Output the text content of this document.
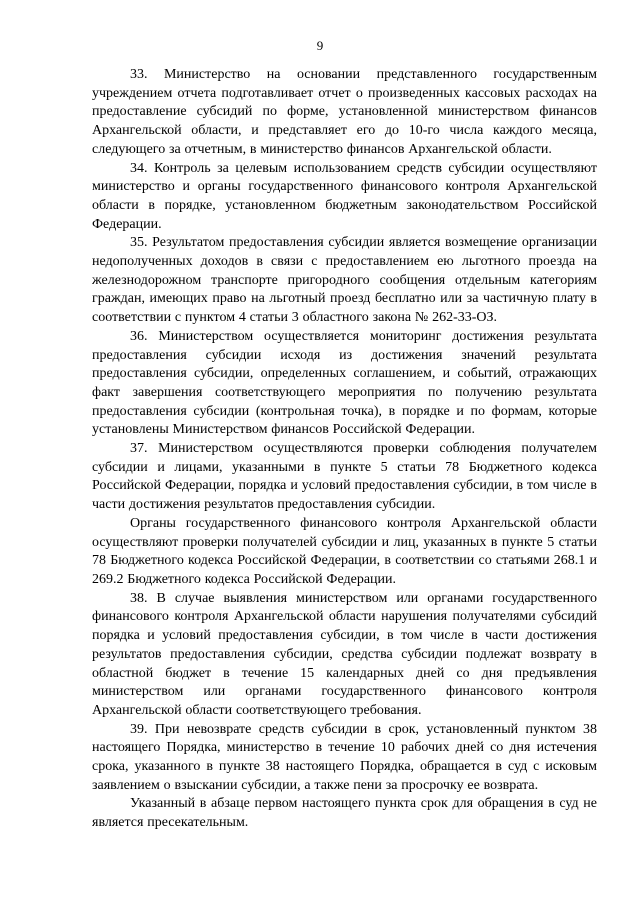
9

33. Министерство на основании представленного государственным учреждением отчета подготавливает отчет о произведенных кассовых расходах на предоставление субсидий по форме, установленной министерством финансов Архангельской области, и представляет его до 10-го числа каждого месяца, следующего за отчетным, в министерство финансов Архангельской области.

34. Контроль за целевым использованием средств субсидии осуществляют министерство и органы государственного финансового контроля Архангельской области в порядке, установленном бюджетным законодательством Российской Федерации.

35. Результатом предоставления субсидии является возмещение организации недополученных доходов в связи с предоставлением ею льготного проезда на железнодорожном транспорте пригородного сообщения отдельным категориям граждан, имеющих право на льготный проезд бесплатно или за частичную плату в соответствии с пунктом 4 статьи 3 областного закона № 262-33-ОЗ.

36. Министерством осуществляется мониторинг достижения результата предоставления субсидии исходя из достижения значений результата предоставления субсидии, определенных соглашением, и событий, отражающих факт завершения соответствующего мероприятия по получению результата предоставления субсидии (контрольная точка), в порядке и по формам, которые установлены Министерством финансов Российской Федерации.

37. Министерством осуществляются проверки соблюдения получателем субсидии и лицами, указанными в пункте 5 статьи 78 Бюджетного кодекса Российской Федерации, порядка и условий предоставления субсидии, в том числе в части достижения результатов предоставления субсидии.

Органы государственного финансового контроля Архангельской области осуществляют проверки получателей субсидии и лиц, указанных в пункте 5 статьи 78 Бюджетного кодекса Российской Федерации, в соответствии со статьями 268.1 и 269.2 Бюджетного кодекса Российской Федерации.

38. В случае выявления министерством или органами государственного финансового контроля Архангельской области нарушения получателями субсидий порядка и условий предоставления субсидии, в том числе в части достижения результатов предоставления субсидии, средства субсидии подлежат возврату в областной бюджет в течение 15 календарных дней со дня предъявления министерством или органами государственного финансового контроля Архангельской области соответствующего требования.

39. При невозврате средств субсидии в срок, установленный пунктом 38 настоящего Порядка, министерство в течение 10 рабочих дней со дня истечения срока, указанного в пункте 38 настоящего Порядка, обращается в суд с исковым заявлением о взыскании субсидии, а также пени за просрочку ее возврата.

Указанный в абзаце первом настоящего пункта срок для обращения в суд не является пресекательным.
